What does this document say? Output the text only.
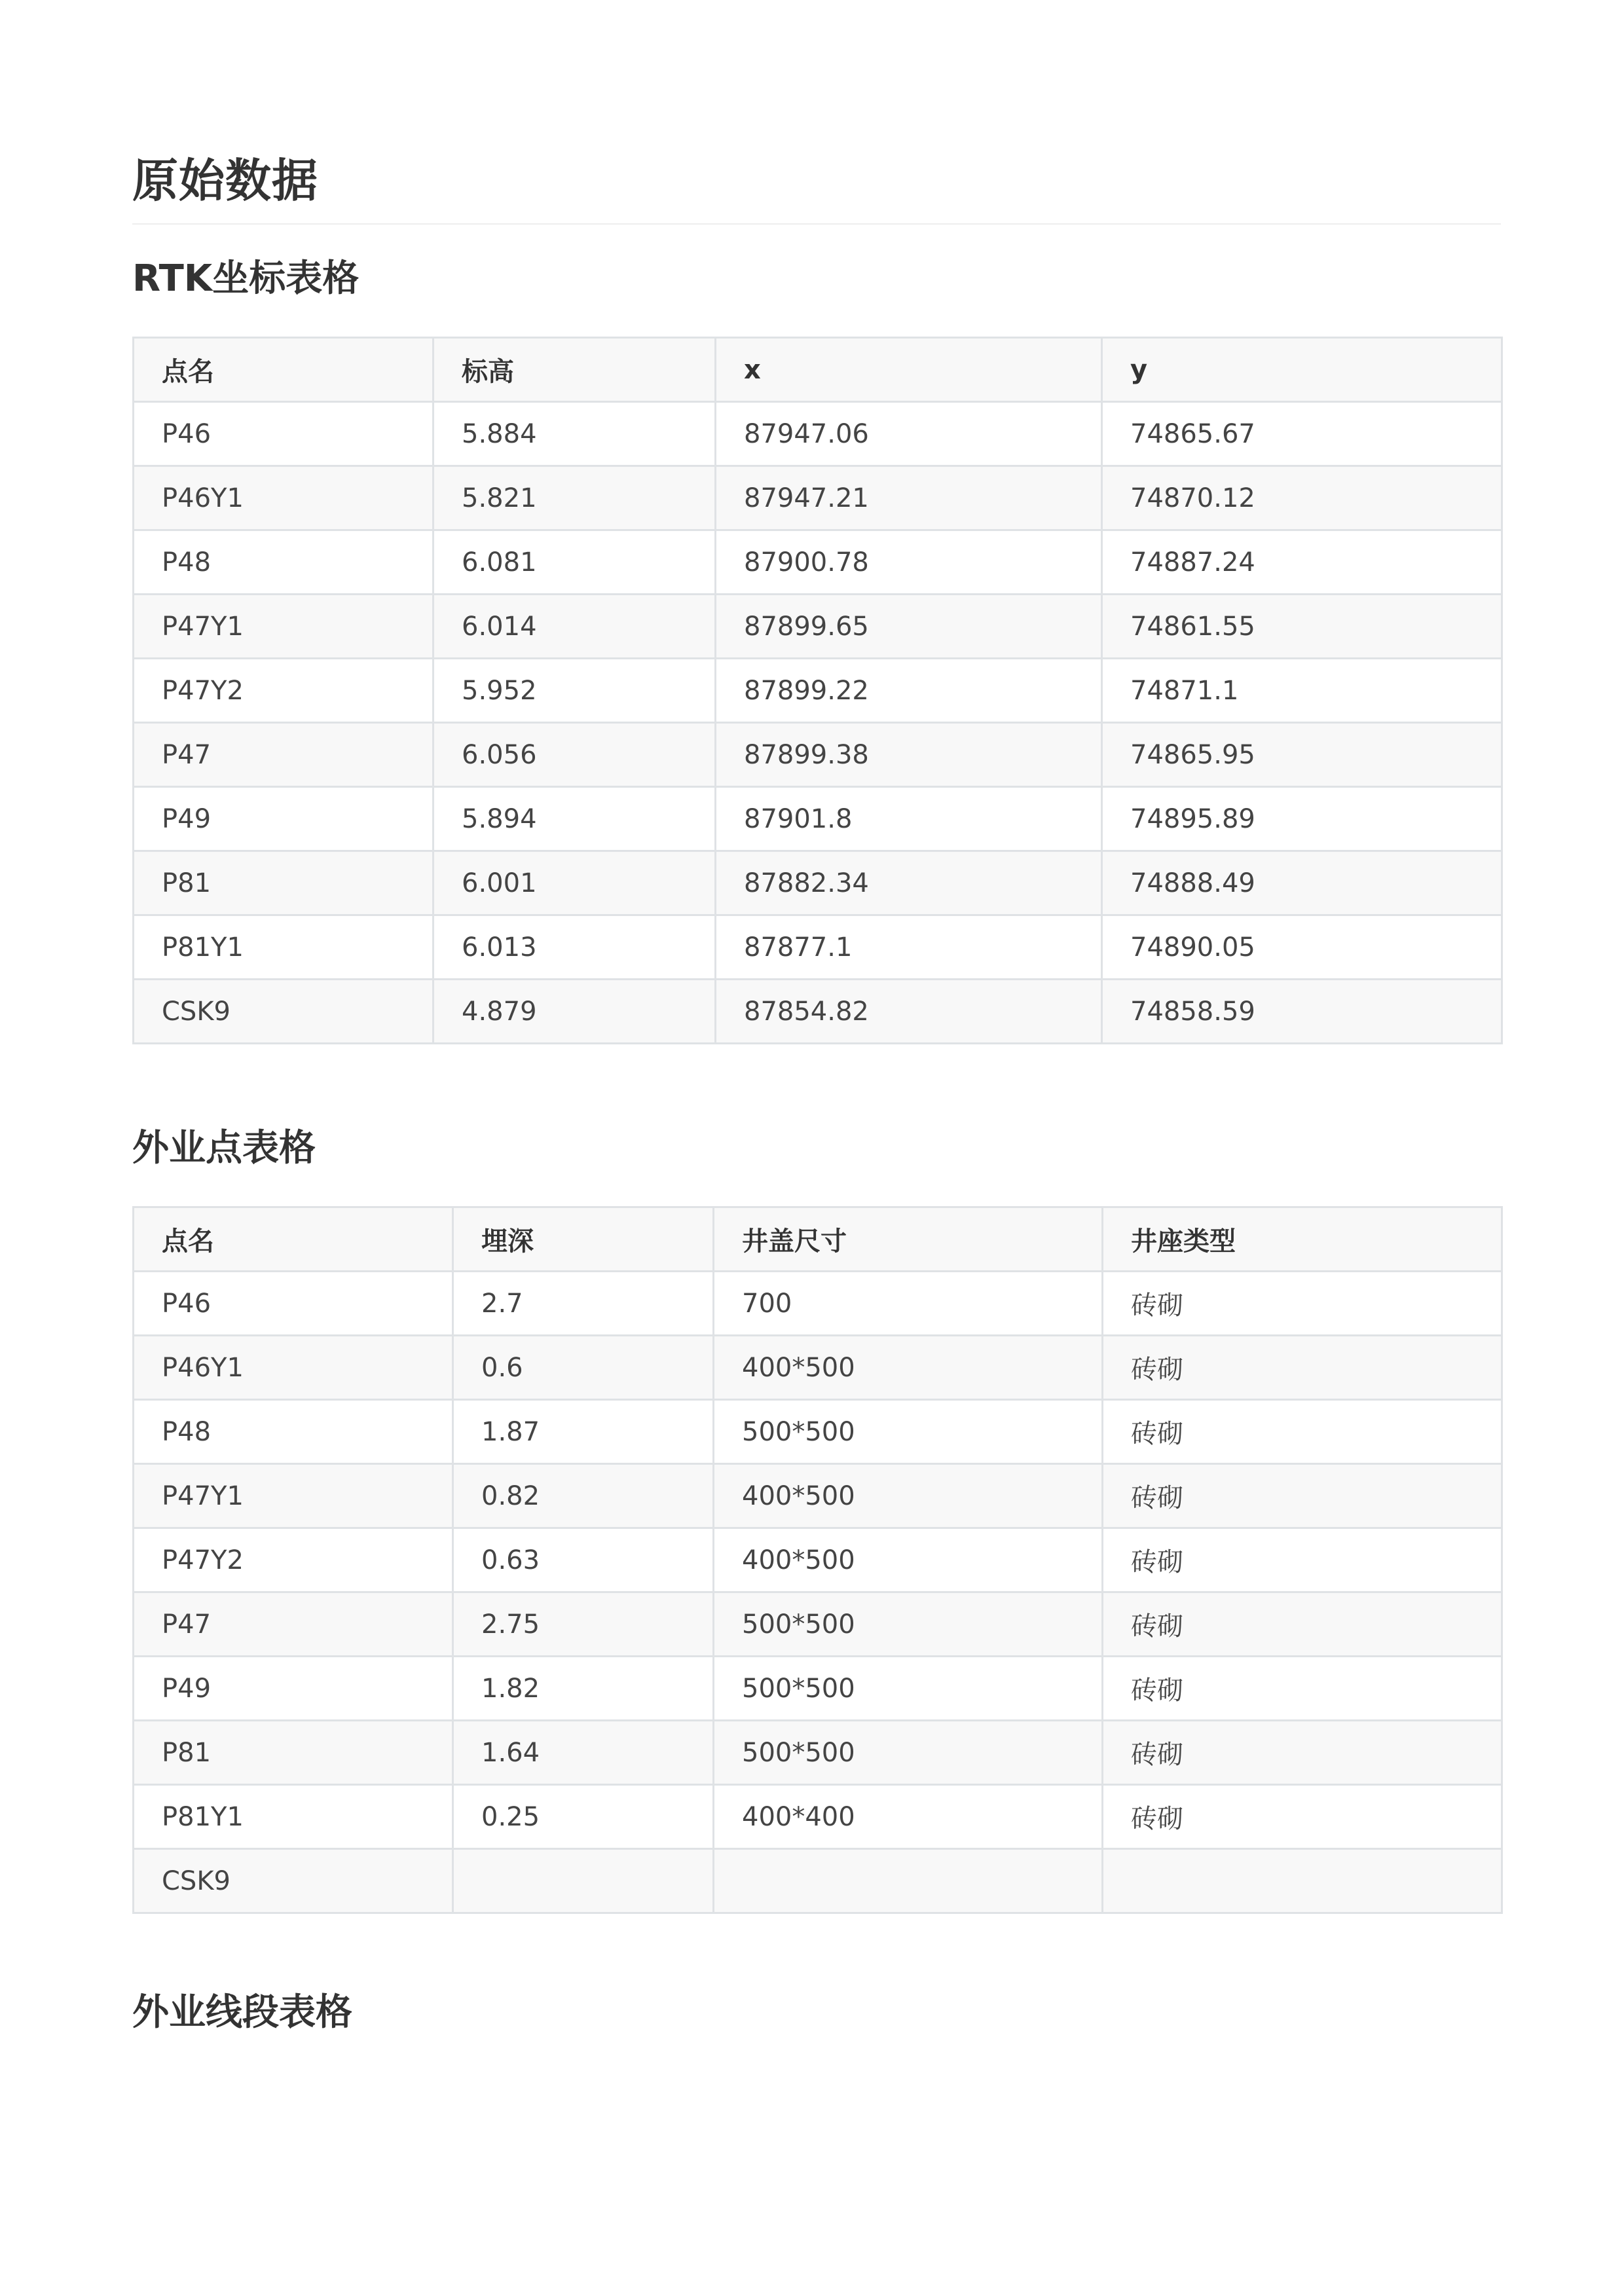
原始数据
RTK坐标表格
点名	标高	x	y
P46	5.884	87947.06	74865.67
P46Y1	5.821	87947.21	74870.12
P48	6.081	87900.78	74887.24
P47Y1	6.014	87899.65	74861.55
P47Y2	5.952	87899.22	74871.1
P47	6.056	87899.38	74865.95
P49	5.894	87901.8	74895.89
P81	6.001	87882.34	74888.49
P81Y1	6.013	87877.1	74890.05
CSK9	4.879	87854.82	74858.59
外业点表格
点名	埋深	井盖尺寸	井座类型
P46	2.7	700	砖砌
P46Y1	0.6	400*500	砖砌
P48	1.87	500*500	砖砌
P47Y1	0.82	400*500	砖砌
P47Y2	0.63	400*500	砖砌
P47	2.75	500*500	砖砌
P49	1.82	500*500	砖砌
P81	1.64	500*500	砖砌
P81Y1	0.25	400*400	砖砌
CSK9			
外业线段表格
